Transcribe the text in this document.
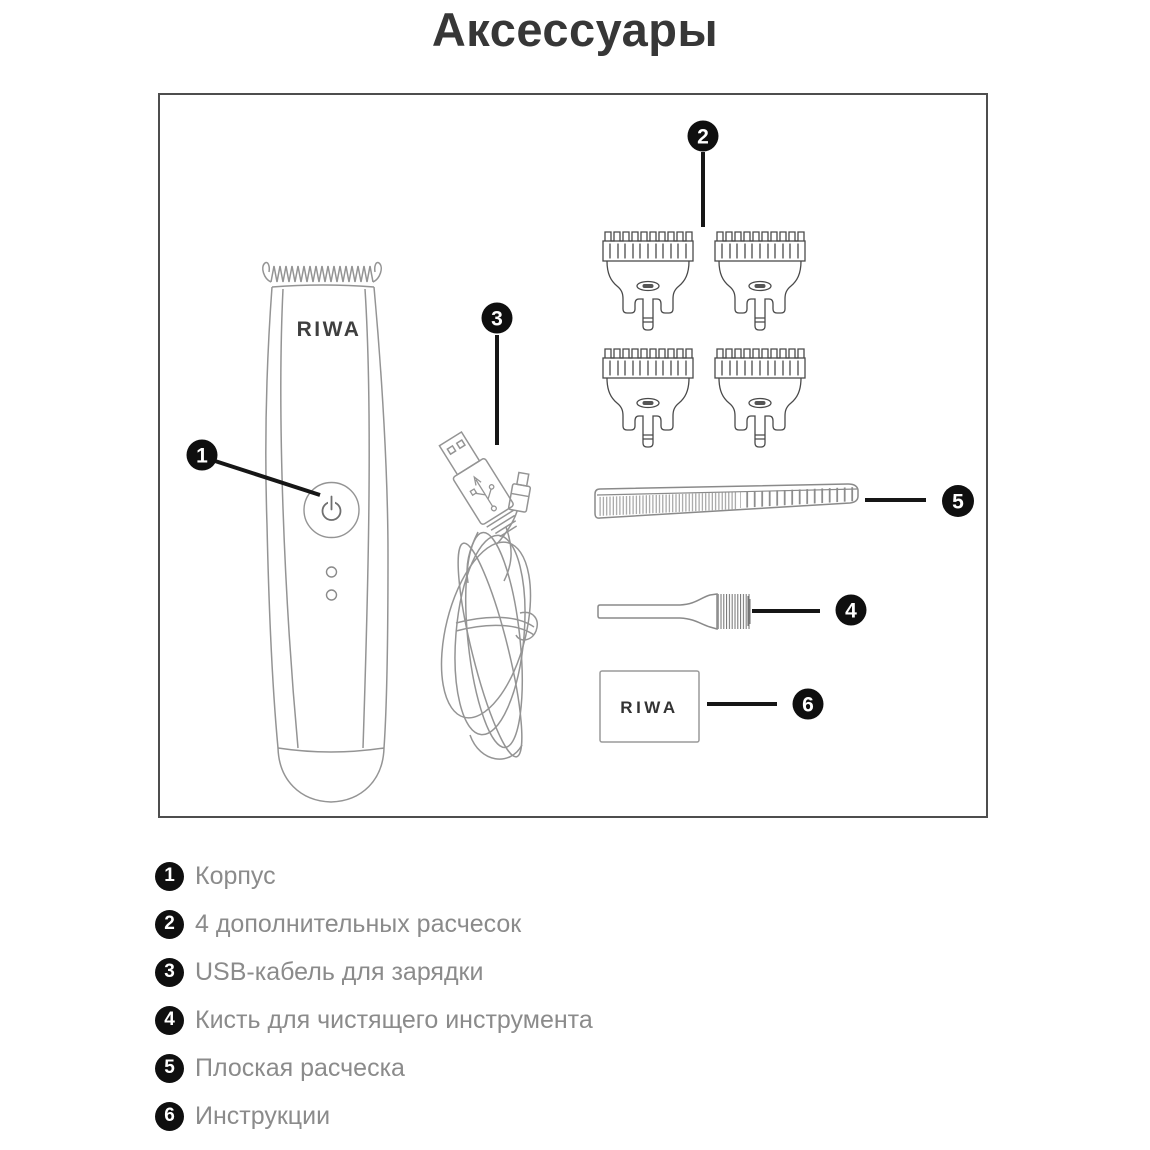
Аксессуары
RIWA
1
2
3
5
4
RIWA	6
1 Корпус
2 4 дополнительных расчесок
3 USB-кабель для зарядки
4 Кисть для чистящего инструмента
5 Плоская расческа
6 Инструкции
